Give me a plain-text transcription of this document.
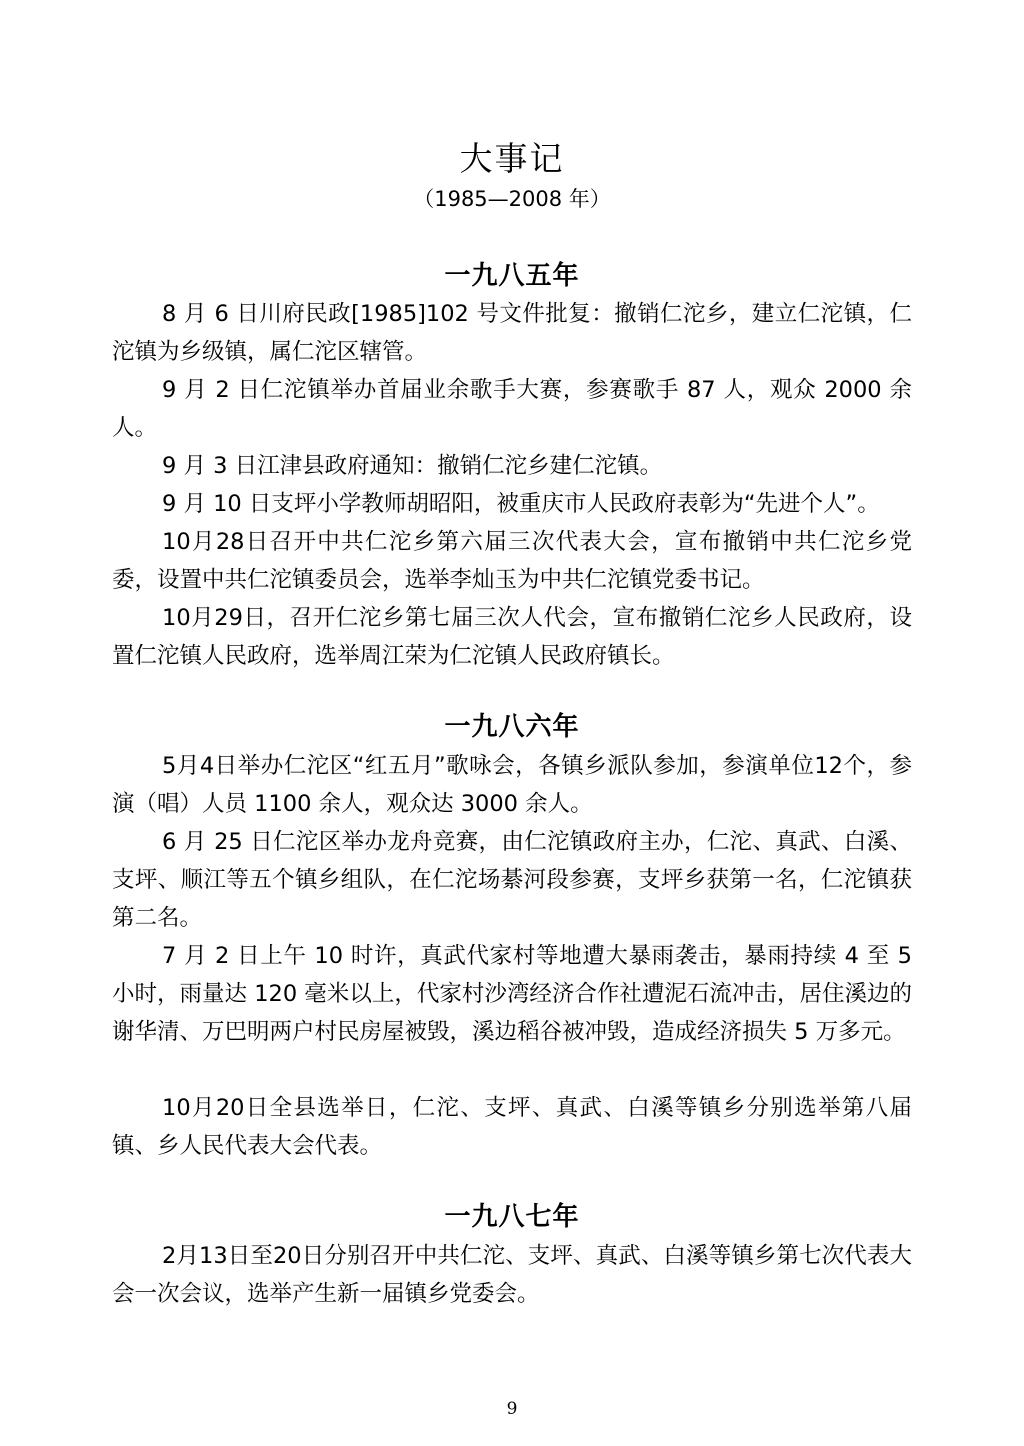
大事记
（1985—2008 年）
一九八五年
8 月 6 日川府民政[1985]102 号文件批复：撤销仁沱乡，建立仁沱镇，仁沱镇为乡级镇，属仁沱区辖管。
9 月 2 日仁沱镇举办首届业余歌手大赛，参赛歌手 87 人，观众 2000 余人。
9 月 3 日江津县政府通知：撤销仁沱乡建仁沱镇。
9 月 10 日支坪小学教师胡昭阳，被重庆市人民政府表彰为“先进个人”。
10月28日召开中共仁沱乡第六届三次代表大会，宣布撤销中共仁沱乡党委，设置中共仁沱镇委员会，选举李灿玉为中共仁沱镇党委书记。
10月29日，召开仁沱乡第七届三次人代会，宣布撤销仁沱乡人民政府，设置仁沱镇人民政府，选举周江荣为仁沱镇人民政府镇长。
一九八六年
5月4日举办仁沱区“红五月”歌咏会，各镇乡派队参加，参演单位12个，参演（唱）人员 1100 余人，观众达 3000 余人。
6 月 25 日仁沱区举办龙舟竞赛，由仁沱镇政府主办，仁沱、真武、白溪、支坪、顺江等五个镇乡组队，在仁沱场綦河段参赛，支坪乡获第一名，仁沱镇获第二名。
7 月 2 日上午 10 时许，真武代家村等地遭大暴雨袭击，暴雨持续 4 至 5 小时，雨量达 120 毫米以上，代家村沙湾经济合作社遭泥石流冲击，居住溪边的谢华清、万巴明两户村民房屋被毁，溪边稻谷被冲毁，造成经济损失 5 万多元。
10月20日全县选举日，仁沱、支坪、真武、白溪等镇乡分别选举第八届镇、乡人民代表大会代表。
一九八七年
2月13日至20日分别召开中共仁沱、支坪、真武、白溪等镇乡第七次代表大会一次会议，选举产生新一届镇乡党委会。
9
